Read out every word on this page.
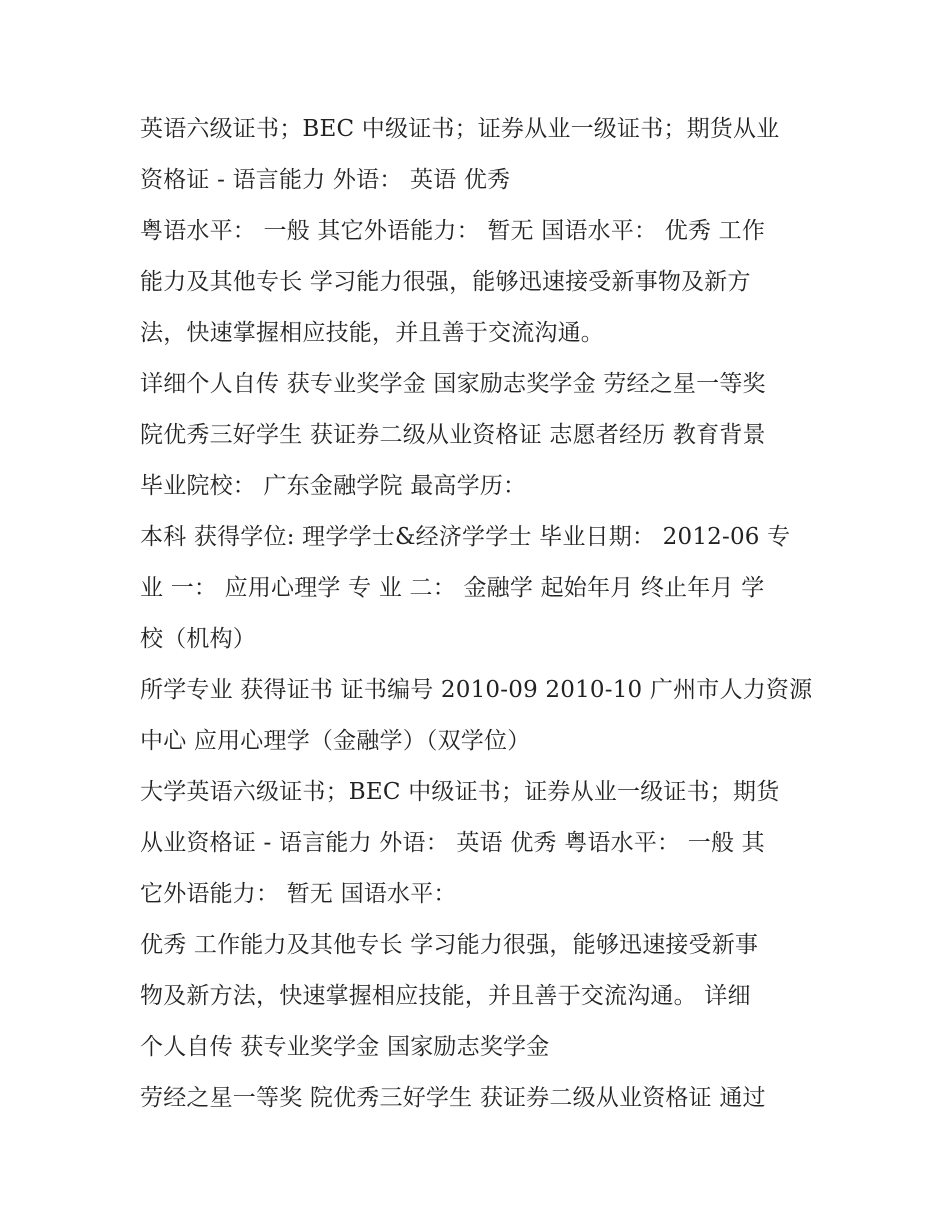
英语六级证书；BEC 中级证书；证券从业一级证书；期货从业
资格证 - 语言能力 外语： 英语 优秀
粤语水平： 一般 其它外语能力： 暂无 国语水平： 优秀 工作
能力及其他专长 学习能力很强，能够迅速接受新事物及新方
法，快速掌握相应技能，并且善于交流沟通。
详细个人自传 获专业奖学金 国家励志奖学金 劳经之星一等奖
院优秀三好学生 获证券二级从业资格证 志愿者经历 教育背景
毕业院校： 广东金融学院 最高学历：
本科 获得学位: 理学学士&经济学学士 毕业日期： 2012-06 专
业 一： 应用心理学 专 业 二： 金融学 起始年月 终止年月 学
校（机构）
所学专业 获得证书 证书编号 2010-09 2010-10 广州市人力资源
中心 应用心理学（金融学）（双学位）
大学英语六级证书；BEC 中级证书；证券从业一级证书；期货
从业资格证 - 语言能力 外语： 英语 优秀 粤语水平： 一般 其
它外语能力： 暂无 国语水平：
优秀 工作能力及其他专长 学习能力很强，能够迅速接受新事
物及新方法，快速掌握相应技能，并且善于交流沟通。 详细
个人自传 获专业奖学金 国家励志奖学金
劳经之星一等奖 院优秀三好学生 获证券二级从业资格证 通过
